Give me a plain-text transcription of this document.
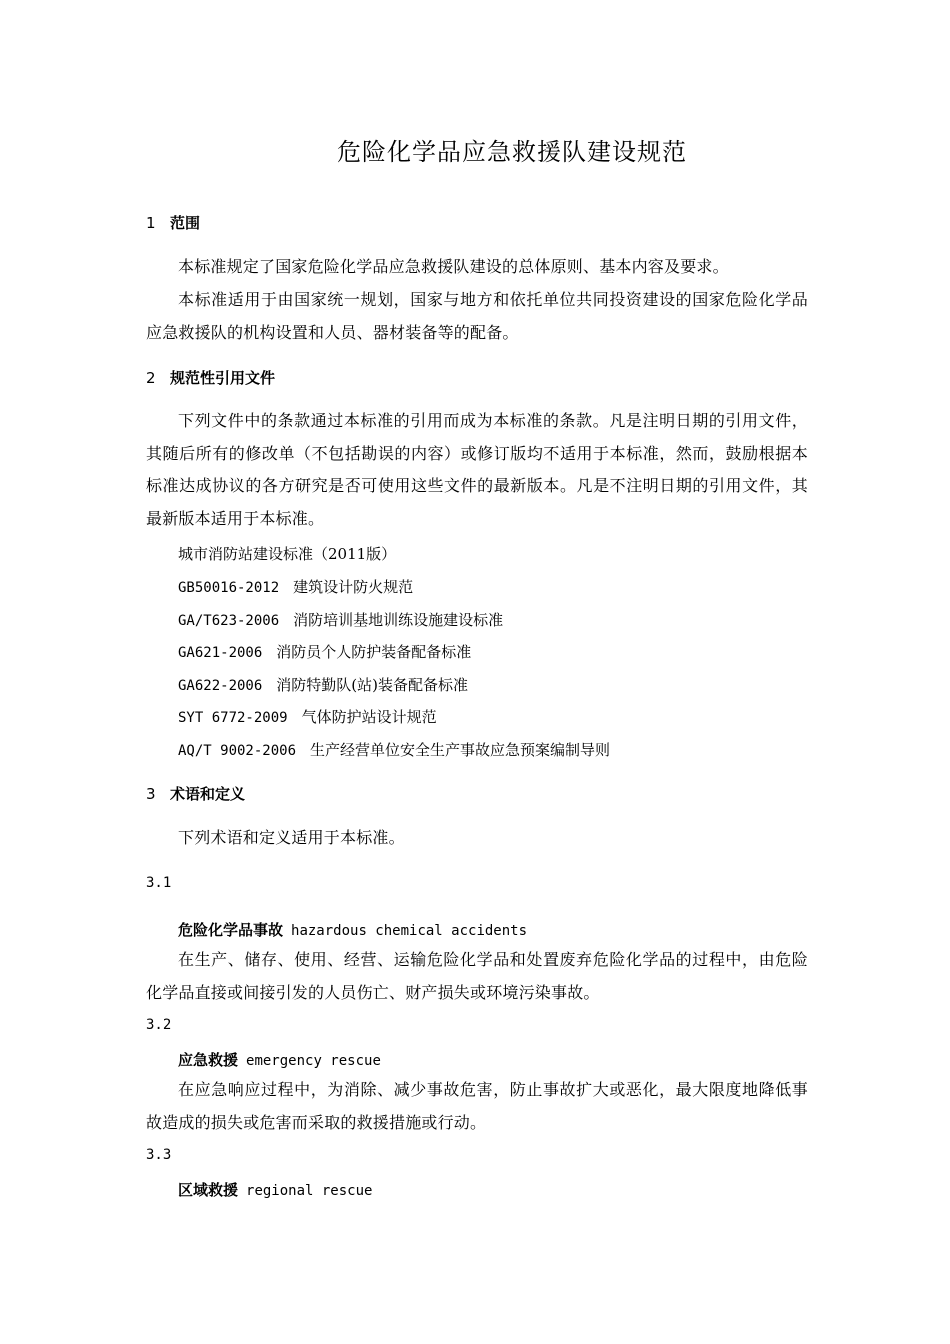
危险化学品应急救援队建设规范
1 范围

本标准规定了国家危险化学品应急救援队建设的总体原则、基本内容及要求。

本标准适用于由国家统一规划，国家与地方和依托单位共同投资建设的国家危险化学品应急救援队的机构设置和人员、器材装备等的配备。

2 规范性引用文件

下列文件中的条款通过本标准的引用而成为本标准的条款。凡是注明日期的引用文件，其随后所有的修改单（不包括勘误的内容）或修订版均不适用于本标准，然而，鼓励根据本标准达成协议的各方研究是否可使用这些文件的最新版本。凡是不注明日期的引用文件，其最新版本适用于本标准。

城市消防站建设标准（2011版）
GB50016-2012 建筑设计防火规范
GA/T623-2006 消防培训基地训练设施建设标准
GA621-2006 消防员个人防护装备配备标准
GA622-2006 消防特勤队(站)装备配备标准
SYT 6772-2009 气体防护站设计规范
AQ/T 9002-2006 生产经营单位安全生产事故应急预案编制导则
3 术语和定义

下列术语和定义适用于本标准。

3.1
危险化学品事故 hazardous chemical accidents

在生产、储存、使用、经营、运输危险化学品和处置废弃危险化学品的过程中，由危险化学品直接或间接引发的人员伤亡、财产损失或环境污染事故。

3.2
应急救援 emergency rescue

在应急响应过程中，为消除、减少事故危害，防止事故扩大或恶化，最大限度地降低事故造成的损失或危害而采取的救援措施或行动。

3.3
区域救援 regional rescue
